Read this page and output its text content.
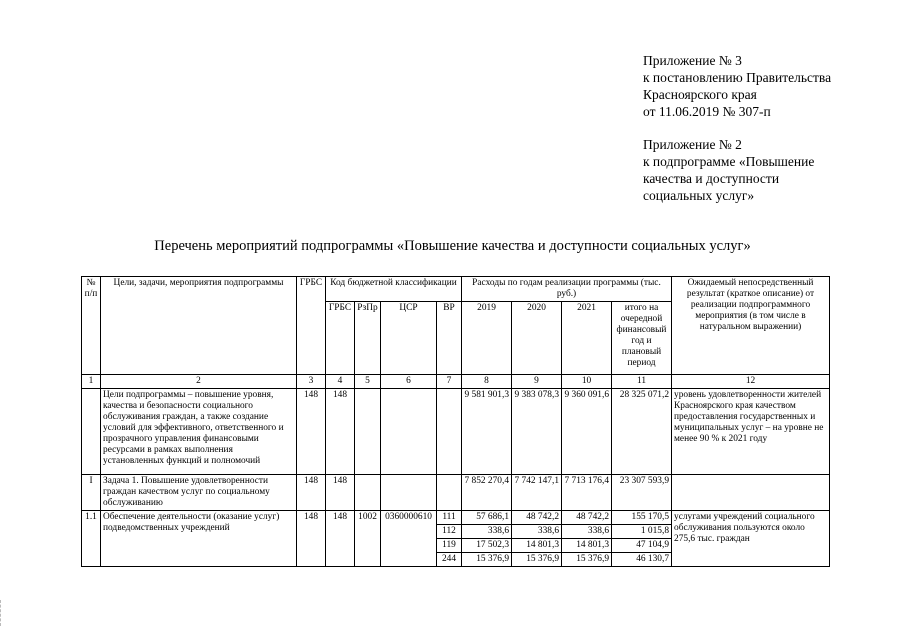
Приложение № 3
к постановлению Правительства
Красноярского края
от 11.06.2019 № 307-п
Приложение № 2
к подпрограмме «Повышение
качества и доступности
социальных услуг»
Перечень мероприятий подпрограммы «Повышение качества и доступности социальных услуг»
№ п/п	Цели, задачи, мероприятия подпрограммы	ГРБС	Код бюджетной классификации				Расходы по годам реализации программы (тыс. руб.)				Ожидаемый непосредственный результат (краткое описание) от реализации подпрограммного мероприятия (в том числе в натуральном выражении)
			ГРБС	РзПр	ЦСР	ВР	2019	2020	2021	итого на очередной финансовый год и плановый период	
1	2	3	4	5	6	7	8	9	10	11	12
	Цели подпрограммы – повышение уровня, качества и безопасности социального обслуживания граждан, а также создание условий для эффективного, ответственного и прозрачного управления финансовыми ресурсами в рамках выполнения установленных функций и полномочий	148	148				9 581 901,3	9 383 078,3	9 360 091,6	28 325 071,2	уровень удовлетворенности жителей Красноярского края качеством предоставления государственных и муниципальных услуг – на уровне не менее 90 % к 2021 году
I	Задача 1. Повышение удовлетворенности граждан качеством услуг по социальному обслуживанию	148	148				7 852 270,4	7 742 147,1	7 713 176,4	23 307 593,9	
1.1	Обеспечение деятельности (оказание услуг) подведомственных учреждений	148	148	1002	0360000610	111	57 686,1	48 742,2	48 742,2	155 170,5	услугами учреждений социального обслуживания пользуются около 275,6 тыс. граждан
						112	338,6	338,6	338,6	1 015,8	
						119	17 502,3	14 801,3	14 801,3	47 104,9	
						244	15 376,9	15 376,9	15 376,9	46 130,7	
